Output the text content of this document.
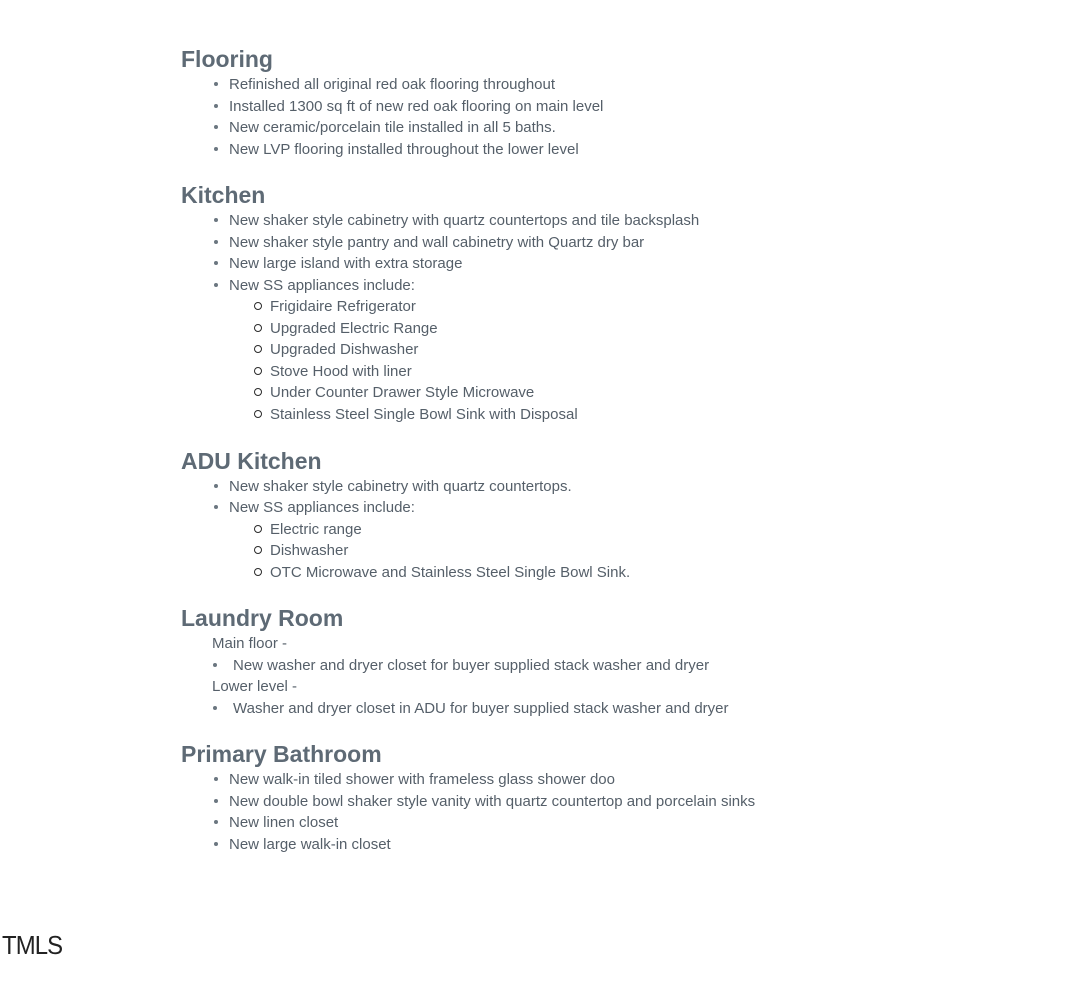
Flooring
Refinished all original red oak flooring throughout
Installed 1300 sq ft of new red oak flooring on main level
New ceramic/porcelain tile installed in all 5 baths.
New LVP flooring installed throughout the lower level
Kitchen
New shaker style cabinetry with quartz countertops and tile backsplash
New shaker style pantry and wall cabinetry with Quartz dry bar
New large island with extra storage
New SS appliances include:
Frigidaire Refrigerator
Upgraded Electric Range
Upgraded Dishwasher
Stove Hood with liner
Under Counter Drawer Style Microwave
Stainless Steel Single Bowl Sink with Disposal
ADU Kitchen
New shaker style cabinetry with quartz countertops.
New SS appliances include:
Electric range
Dishwasher
OTC Microwave and Stainless Steel Single Bowl Sink.
Laundry Room
Main floor -
New washer and dryer closet for buyer supplied stack washer and dryer
Lower level -
Washer and dryer closet in ADU for buyer supplied stack washer and dryer
Primary Bathroom
New walk-in tiled shower with frameless glass shower doo
New double bowl shaker style vanity with quartz countertop and porcelain sinks
New linen closet
New large walk-in closet
TMLS
